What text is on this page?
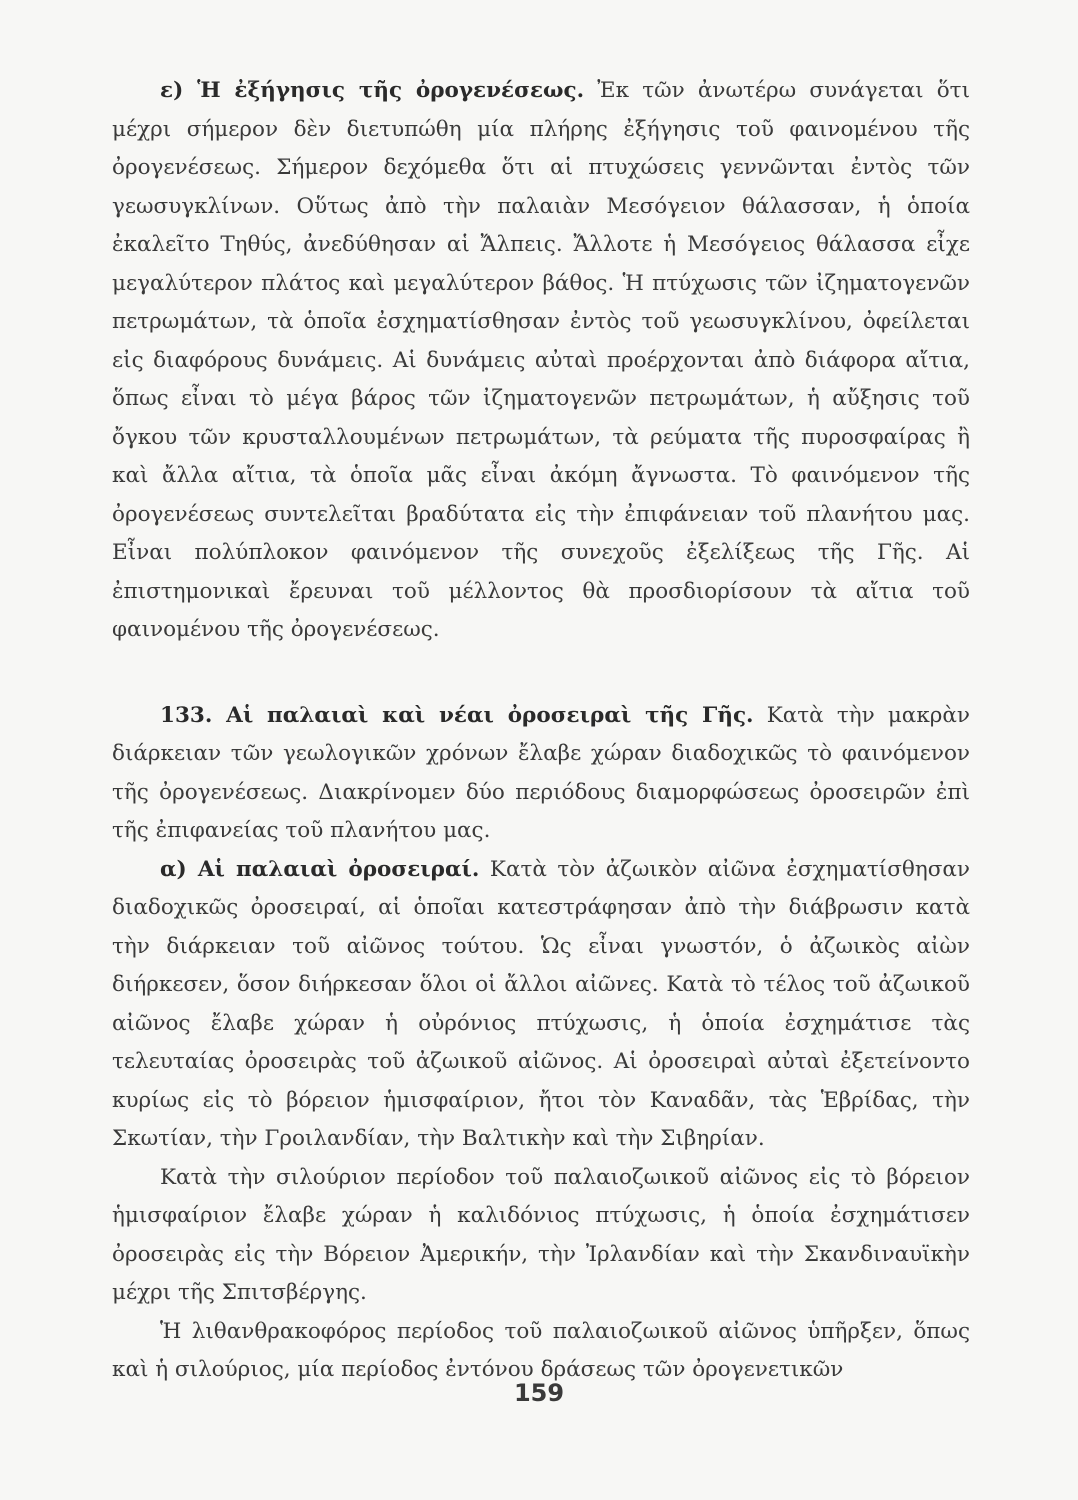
ε) Ἡ ἐξήγησις τῆς ὀρογενέσεως. Ἐκ τῶν ἀνωτέρω συνάγεται ὅτι μέχρι σήμερον δὲν διετυπώθη μία πλήρης ἐξήγησις τοῦ φαινομένου τῆς ὀρογενέσεως. Σήμερον δεχόμεθα ὅτι αἱ πτυχώσεις γεννῶνται ἐντὸς τῶν γεωσυγκλίνων. Οὕτως ἀπὸ τὴν παλαιὰν Μεσόγειον θάλασσαν, ἡ ὁποία ἐκαλεῖτο Τηθύς, ἀνεδύθησαν αἱ Ἄλπεις. Ἄλλοτε ἡ Μεσόγειος θάλασσα εἶχε μεγαλύτερον πλάτος καὶ μεγαλύτερον βάθος. Ἡ πτύχωσις τῶν ἰζηματογενῶν πετρωμάτων, τὰ ὁποῖα ἐσχηματίσθησαν ἐντὸς τοῦ γεωσυγκλίνου, ὀφείλεται εἰς διαφόρους δυνάμεις. Αἱ δυνάμεις αὐταὶ προέρχονται ἀπὸ διάφορα αἴτια, ὅπως εἶναι τὸ μέγα βάρος τῶν ἰζηματογενῶν πετρωμάτων, ἡ αὔξησις τοῦ ὄγκου τῶν κρυσταλλουμένων πετρωμάτων, τὰ ρεύματα τῆς πυροσφαίρας ἢ καὶ ἄλλα αἴτια, τὰ ὁποῖα μᾶς εἶναι ἀκόμη ἄγνωστα. Τὸ φαινόμενον τῆς ὀρογενέσεως συντελεῖται βραδύτατα εἰς τὴν ἐπιφάνειαν τοῦ πλανήτου μας. Εἶναι πολύπλοκον φαινόμενον τῆς συνεχοῦς ἐξελίξεως τῆς Γῆς. Αἱ ἐπιστημονικαὶ ἔρευναι τοῦ μέλλοντος θὰ προσδιορίσουν τὰ αἴτια τοῦ φαινομένου τῆς ὀρογενέσεως.

133. Αἱ παλαιαὶ καὶ νέαι ὀροσειραὶ τῆς Γῆς. Κατὰ τὴν μακρὰν διάρκειαν τῶν γεωλογικῶν χρόνων ἔλαβε χώραν διαδοχικῶς τὸ φαινόμενον τῆς ὀρογενέσεως. Διακρίνομεν δύο περιόδους διαμορφώσεως ὀροσειρῶν ἐπὶ τῆς ἐπιφανείας τοῦ πλανήτου μας.

α) Αἱ παλαιαὶ ὀροσειραί. Κατὰ τὸν ἀζωικὸν αἰῶνα ἐσχηματίσθησαν διαδοχικῶς ὀροσειραί, αἱ ὁποῖαι κατεστράφησαν ἀπὸ τὴν διάβρωσιν κατὰ τὴν διάρκειαν τοῦ αἰῶνος τούτου. Ὡς εἶναι γνωστόν, ὁ ἀζωικὸς αἰὼν διήρκεσεν, ὅσον διήρκεσαν ὅλοι οἱ ἄλλοι αἰῶνες. Κατὰ τὸ τέλος τοῦ ἀζωικοῦ αἰῶνος ἔλαβε χώραν ἡ οὐρόνιος πτύχωσις, ἡ ὁποία ἐσχημάτισε τὰς τελευταίας ὀροσειρὰς τοῦ ἀζωικοῦ αἰῶνος. Αἱ ὀροσειραὶ αὐταὶ ἐξετείνοντο κυρίως εἰς τὸ βόρειον ἡμισφαίριον, ἤτοι τὸν Καναδᾶν, τὰς Ἑβρίδας, τὴν Σκωτίαν, τὴν Γροιλανδίαν, τὴν Βαλτικὴν καὶ τὴν Σιβηρίαν.

Κατὰ τὴν σιλούριον περίοδον τοῦ παλαιοζωικοῦ αἰῶνος εἰς τὸ βόρειον ἡμισφαίριον ἔλαβε χώραν ἡ καλιδόνιος πτύχωσις, ἡ ὁποία ἐσχημάτισεν ὀροσειρὰς εἰς τὴν Βόρειον Ἀμερικήν, τὴν Ἰρλανδίαν καὶ τὴν Σκανδιναυϊκὴν μέχρι τῆς Σπιτσβέργης.

Ἡ λιθανθρακοφόρος περίοδος τοῦ παλαιοζωικοῦ αἰῶνος ὑπῆρξεν, ὅπως καὶ ἡ σιλούριος, μία περίοδος ἐντόνου δράσεως τῶν ὀρογενετικῶν

159
